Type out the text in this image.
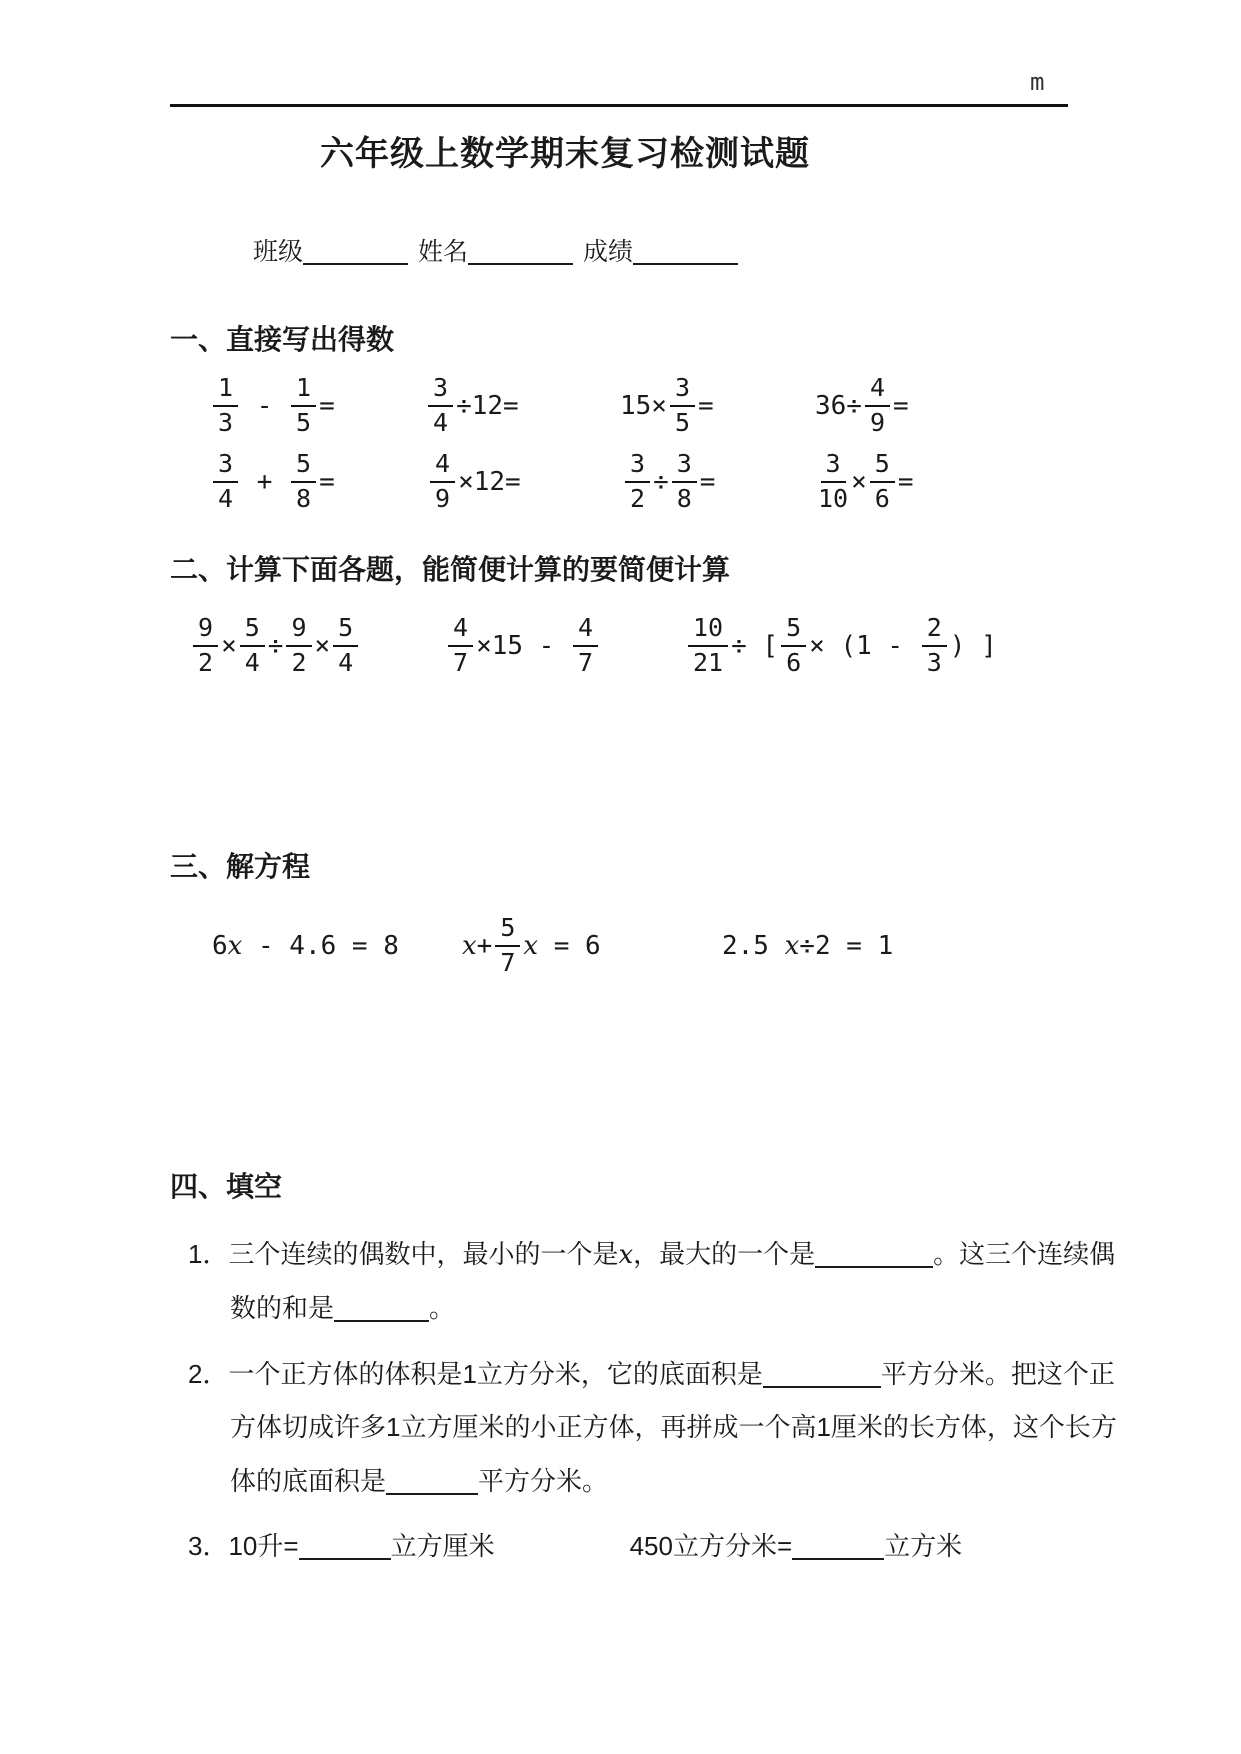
m
六年级上数学期末复习检测试题
班级	姓名	成绩
一、直接写出得数
$\frac{1}{3} - \frac{1}{5}$ =	$\frac{3}{4} \div 12=$	$15\times \frac{3}{5}$ =	$36\div \frac{4}{9}$ =
$\frac{3}{4} + \frac{5}{8}$ =	$\frac{4}{9} \times 12=$	$\frac{3}{2} \div \frac{3}{8}$ =	$\frac{3}{10} \times \frac{5}{6}$ =
二、计算下面各题，能简便计算的要简便计算
$\frac{9}{2} \times \frac{5}{4} \div \frac{9}{2} \times \frac{5}{4}$	$\frac{4}{7} \times 15 - \frac{4}{7}$	$\frac{10}{21}$ ÷ [ $\frac{5}{6} \times (1 - \frac{2}{3}$ ) ]
三、解方程
6 x - 4.6 = 8 $x + \frac{5}{7}$ x = 6	2.5 x ÷2 = 1
四、填空
1．三个连续的偶数中，最小的一个是x，最大的一个是	。这三个连续偶数的和是	。
2．一个正方体的体积是1立方分米，它的底面积是	平方分米。把这个正方体切成许多1立方厘米的小正方体，再拼成一个高1厘米的长方体，这个长方体的底面积是	平方分米。
3．10升=	立方厘米	450立方分米=	立方米
